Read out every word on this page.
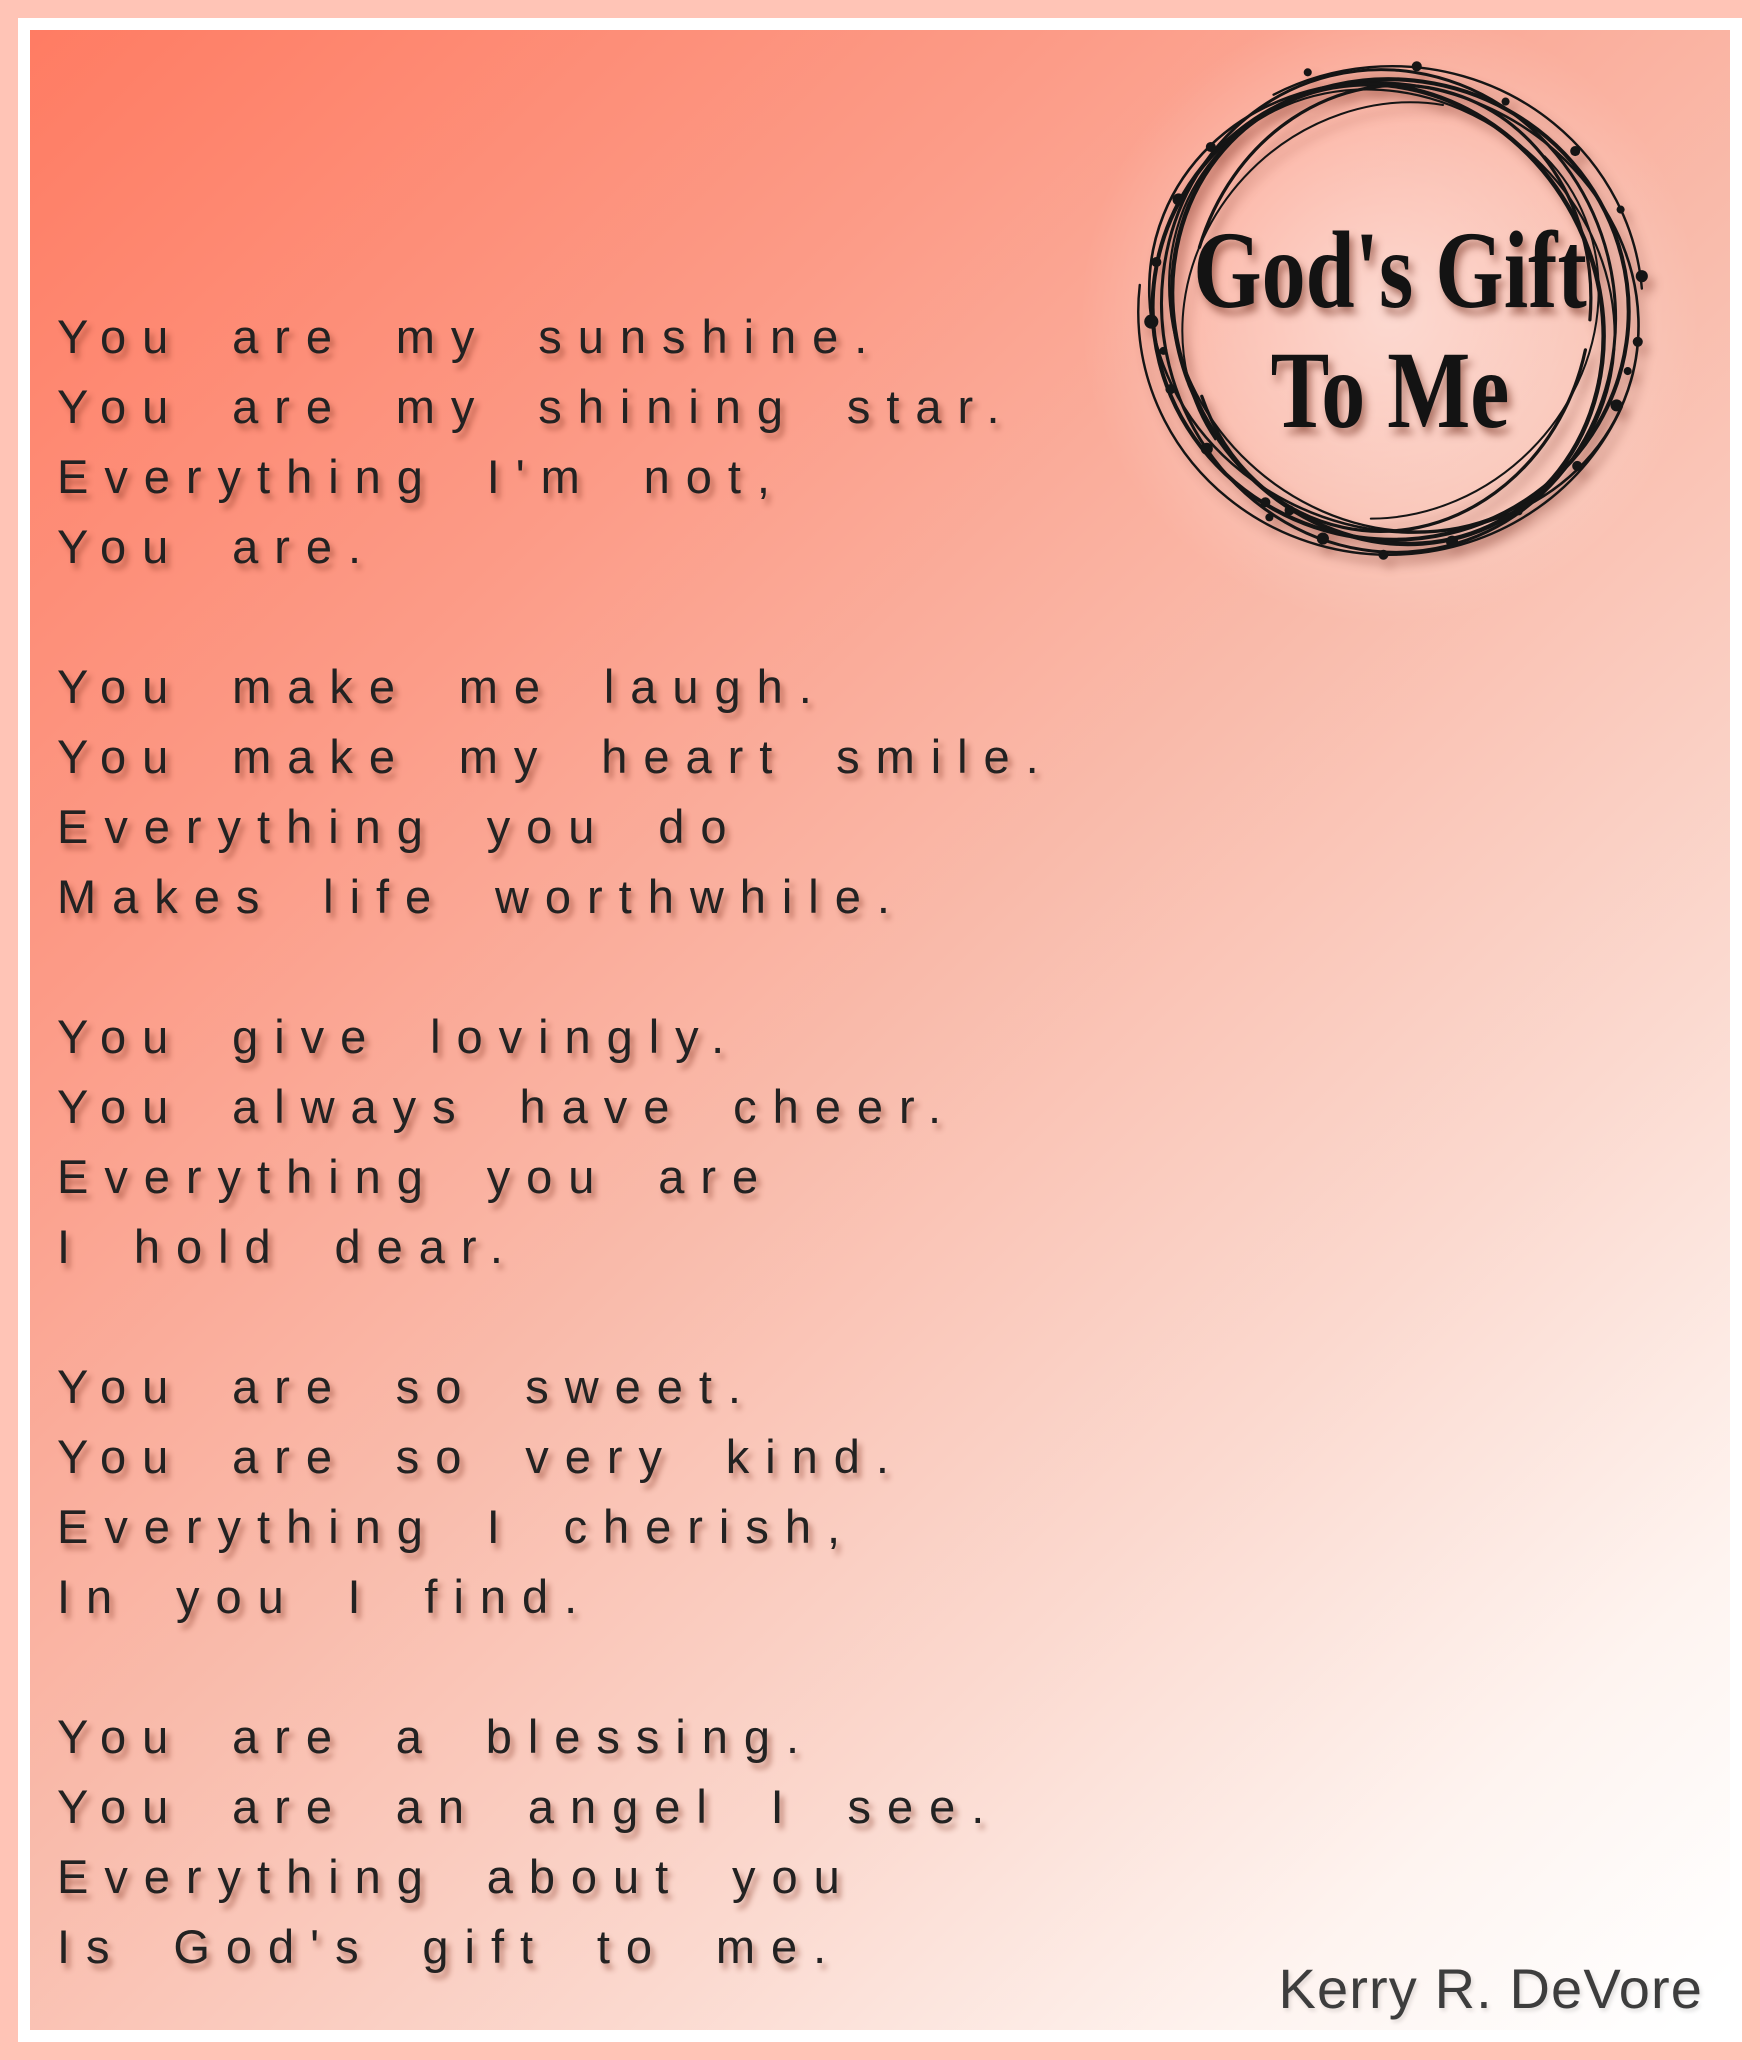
God's Gift
To Me

You are my sunshine.
You are my shining star.
Everything I'm not,
You are.

You make me laugh.
You make my heart smile.
Everything you do
Makes life worthwhile.

You give lovingly.
You always have cheer.
Everything you are
I hold dear.

You are so sweet.
You are so very kind.
Everything I cherish,
In you I find.

You are a blessing.
You are an angel I see.
Everything about you
Is God's gift to me.

Kerry R. DeVore
